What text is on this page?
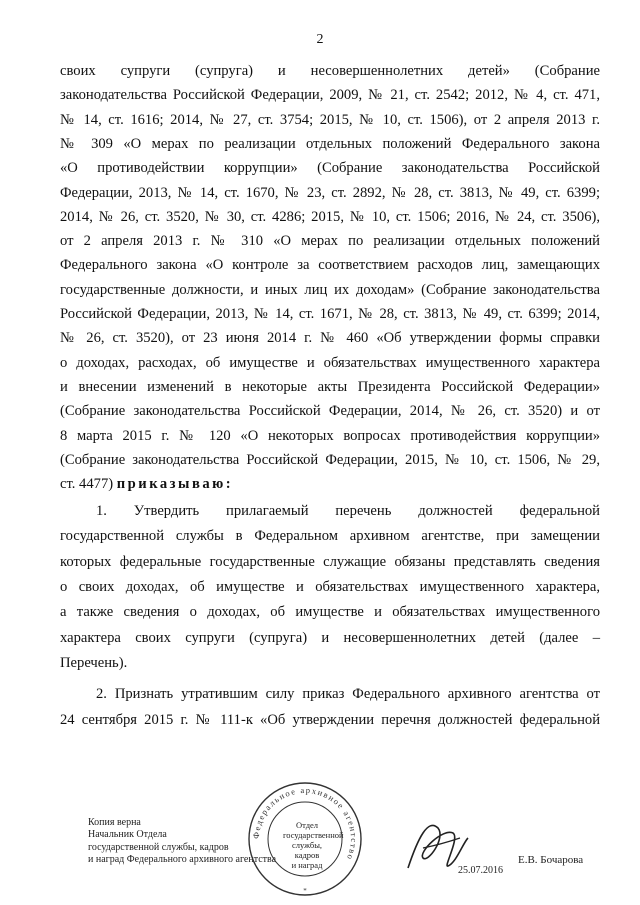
2
своих супруги (супруга) и несовершеннолетних детей» (Собрание
законодательства Российской Федерации, 2009, № 21, ст. 2542; 2012, № 4, ст. 471,
№ 14, ст. 1616; 2014, № 27, ст. 3754; 2015, № 10, ст. 1506), от 2 апреля 2013 г.
№ 309 «О мерах по реализации отдельных положений Федерального закона
«О противодействии коррупции» (Собрание законодательства Российской
Федерации, 2013, № 14, ст. 1670, № 23, ст. 2892, № 28, ст. 3813, № 49, ст. 6399;
2014, № 26, ст. 3520, № 30, ст. 4286; 2015, № 10, ст. 1506; 2016, № 24, ст. 3506),
от 2 апреля 2013 г. № 310 «О мерах по реализации отдельных положений
Федерального закона «О контроле за соответствием расходов лиц, замещающих
государственные должности, и иных лиц их доходам» (Собрание законодательства
Российской Федерации, 2013, № 14, ст. 1671, № 28, ст. 3813, № 49, ст. 6399; 2014,
№ 26, ст. 3520), от 23 июня 2014 г. № 460 «Об утверждении формы справки
о доходах, расходах, об имуществе и обязательствах имущественного характера
и внесении изменений в некоторые акты Президента Российской Федерации»
(Собрание законодательства Российской Федерации, 2014, № 26, ст. 3520) и от
8 марта 2015 г. № 120 «О некоторых вопросах противодействия коррупции»
(Собрание законодательства Российской Федерации, 2015, № 10, ст. 1506, № 29,
ст. 4477) приказываю:
1. Утвердить прилагаемый перечень должностей федеральной
государственной службы в Федеральном архивном агентстве, при замещении
которых федеральные государственные служащие обязаны представлять сведения
о своих доходах, об имуществе и обязательствах имущественного характера,
а также сведения о доходах, об имуществе и обязательствах имущественного
характера своих супруги (супруга) и несовершеннолетних детей (далее –
Перечень).
2. Признать утратившим силу приказ Федерального архивного агентства от
24 сентября 2015 г. № 111-к «Об утверждении перечня должностей федеральной
Копия верна
Начальник Отдела
государственной службы, кадров
и наград Федерального архивного агентства
Федеральное архивное агентство
*
Отдел
государственной
службы, кадров
и наград	25.07.2016
Е.В. Бочарова
